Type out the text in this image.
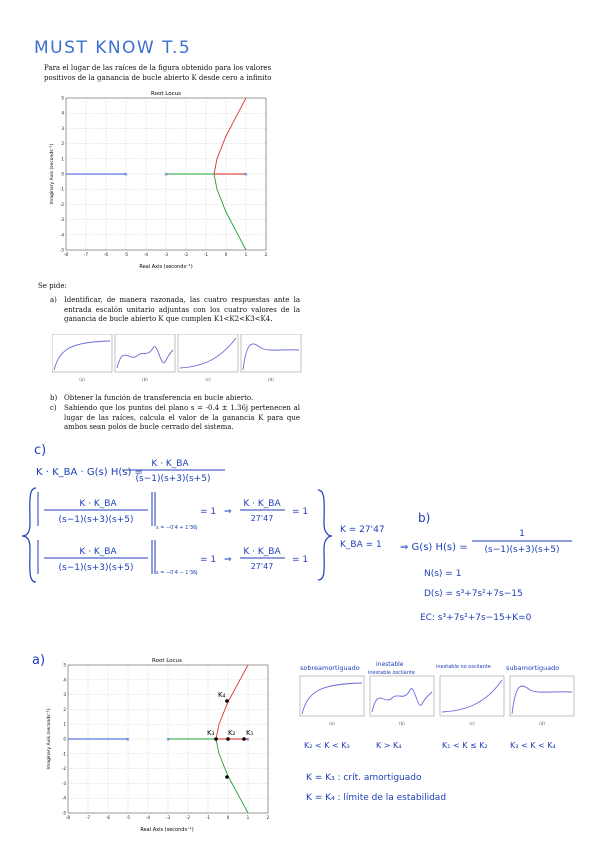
MUST KNOW T.5
Para el lugar de las raíces de la figura obtenido para los valores positivos de la ganancia de bucle abierto K desde cero a infinito
Root Locus
×	×	×
-8	-7	-6	-5	-4	-3	-2	-1	0	1	2
5
4
3
2
1
0
-1
-2
-3
-4
-5
Real Axis (seconds⁻¹)
Imaginary Axis (seconds⁻¹)
Se pide:
a) Identificar, de manera razonada, las cuatro respuestas ante la entrada escalón unitario adjuntas con los cuatro valores de la ganancia de bucle abierto K que cumplen K1<K2<K3<K4.
(a)	(b)	(c)	(d)
b) Obtener la función de transferencia en bucle abierto.
c) Sabiendo que los puntos del plano s = -0.4 ± 1.36j pertenecen al lugar de las raíces, calcula el valor de la ganancia K para que ambos sean polos de bucle cerrado del sistema.
c)
K · K_BA · G(s) H(s) =
K · K_BA
(s−1)(s+3)(s+5)
K · K_BA
(s−1)(s+3)(s+5)
s = −0'4 + 1'36j
= 1 ⇒
K · K_BA
27'47
= 1
K · K_BA
(s−1)(s+3)(s+5)	s = −0'4 − 1'36j
= 1 ⇒
K · K_BA
27'47
= 1
K = 27'47
K_BA = 1
b)
⇒ G(s) H(s) =
1
(s−1)(s+3)(s+5)
N(s) = 1
D(s) = s³+7s²+7s−15
EC: s³+7s²+7s−15+K=0
a)	Root Locus
×	×	×
-8	-7	-6	-5	-4	-3	-2	-1	0	1	2
5
4
3
2
1
0
-1
-2
-3
-4
-5
K₄
K₃ K₂ K₁
Real Axis (seconds⁻¹)
Imaginary Axis (seconds⁻¹)
sobreamortiguado	inestable
inestable oscilante
inestable no oscilante subamortiguado
(a)	(b)	(c)	(d)
K₂ < K < K₃	K > K₄	K₁ < K ≤ K₂	K₃ < K < K₄
K = K₃ : crít. amortiguado
K = K₄ : límite de la estabilidad
